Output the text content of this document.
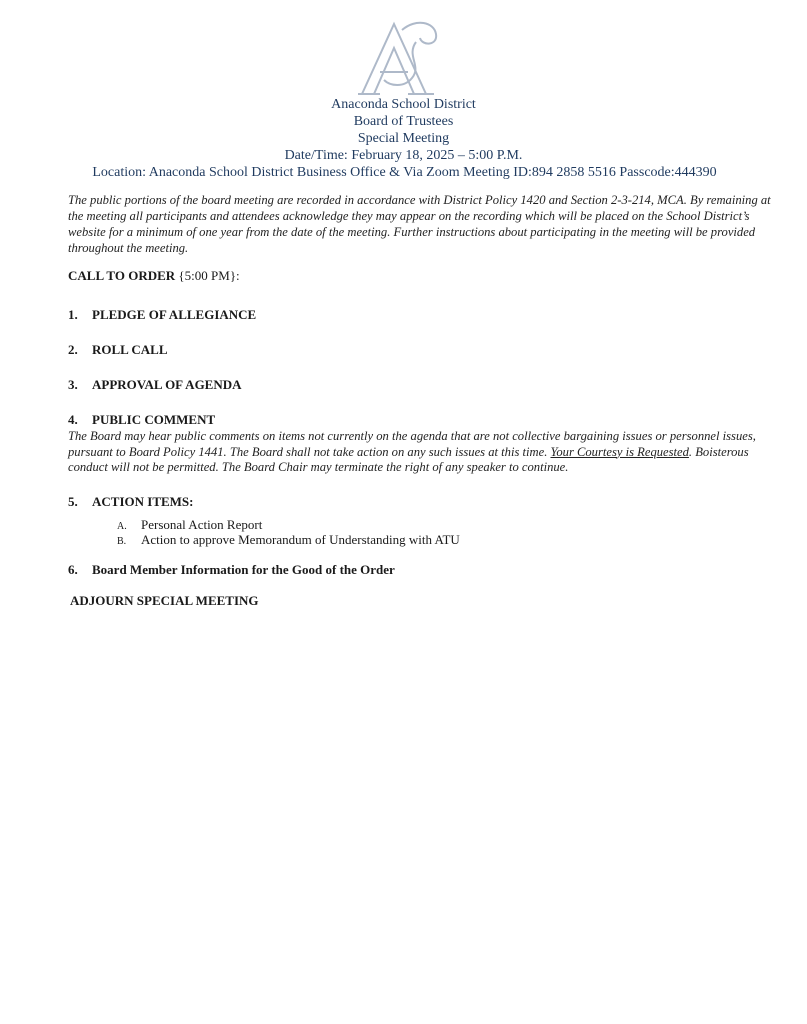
Anaconda School District
Board of Trustees
Special Meeting
Date/Time: February 18, 2025 – 5:00 P.M.
Location: Anaconda School District Business Office & Via Zoom Meeting ID:894 2858 5516 Passcode:444390
The public portions of the board meeting are recorded in accordance with District Policy 1420 and Section 2-3-214, MCA. By remaining at the meeting all participants and attendees acknowledge they may appear on the recording which will be placed on the School District’s website for a minimum of one year from the date of the meeting. Further instructions about participating in the meeting will be provided throughout the meeting.
CALL TO ORDER {5:00 PM}:
1. PLEDGE OF ALLEGIANCE
2. ROLL CALL
3. APPROVAL OF AGENDA
4. PUBLIC COMMENT
The Board may hear public comments on items not currently on the agenda that are not collective bargaining issues or personnel issues, pursuant to Board Policy 1441. The Board shall not take action on any such issues at this time. Your Courtesy is Requested. Boisterous conduct will not be permitted. The Board Chair may terminate the right of any speaker to continue.
5. ACTION ITEMS:
A. Personal Action Report
B. Action to approve Memorandum of Understanding with ATU
6. Board Member Information for the Good of the Order
ADJOURN SPECIAL MEETING
